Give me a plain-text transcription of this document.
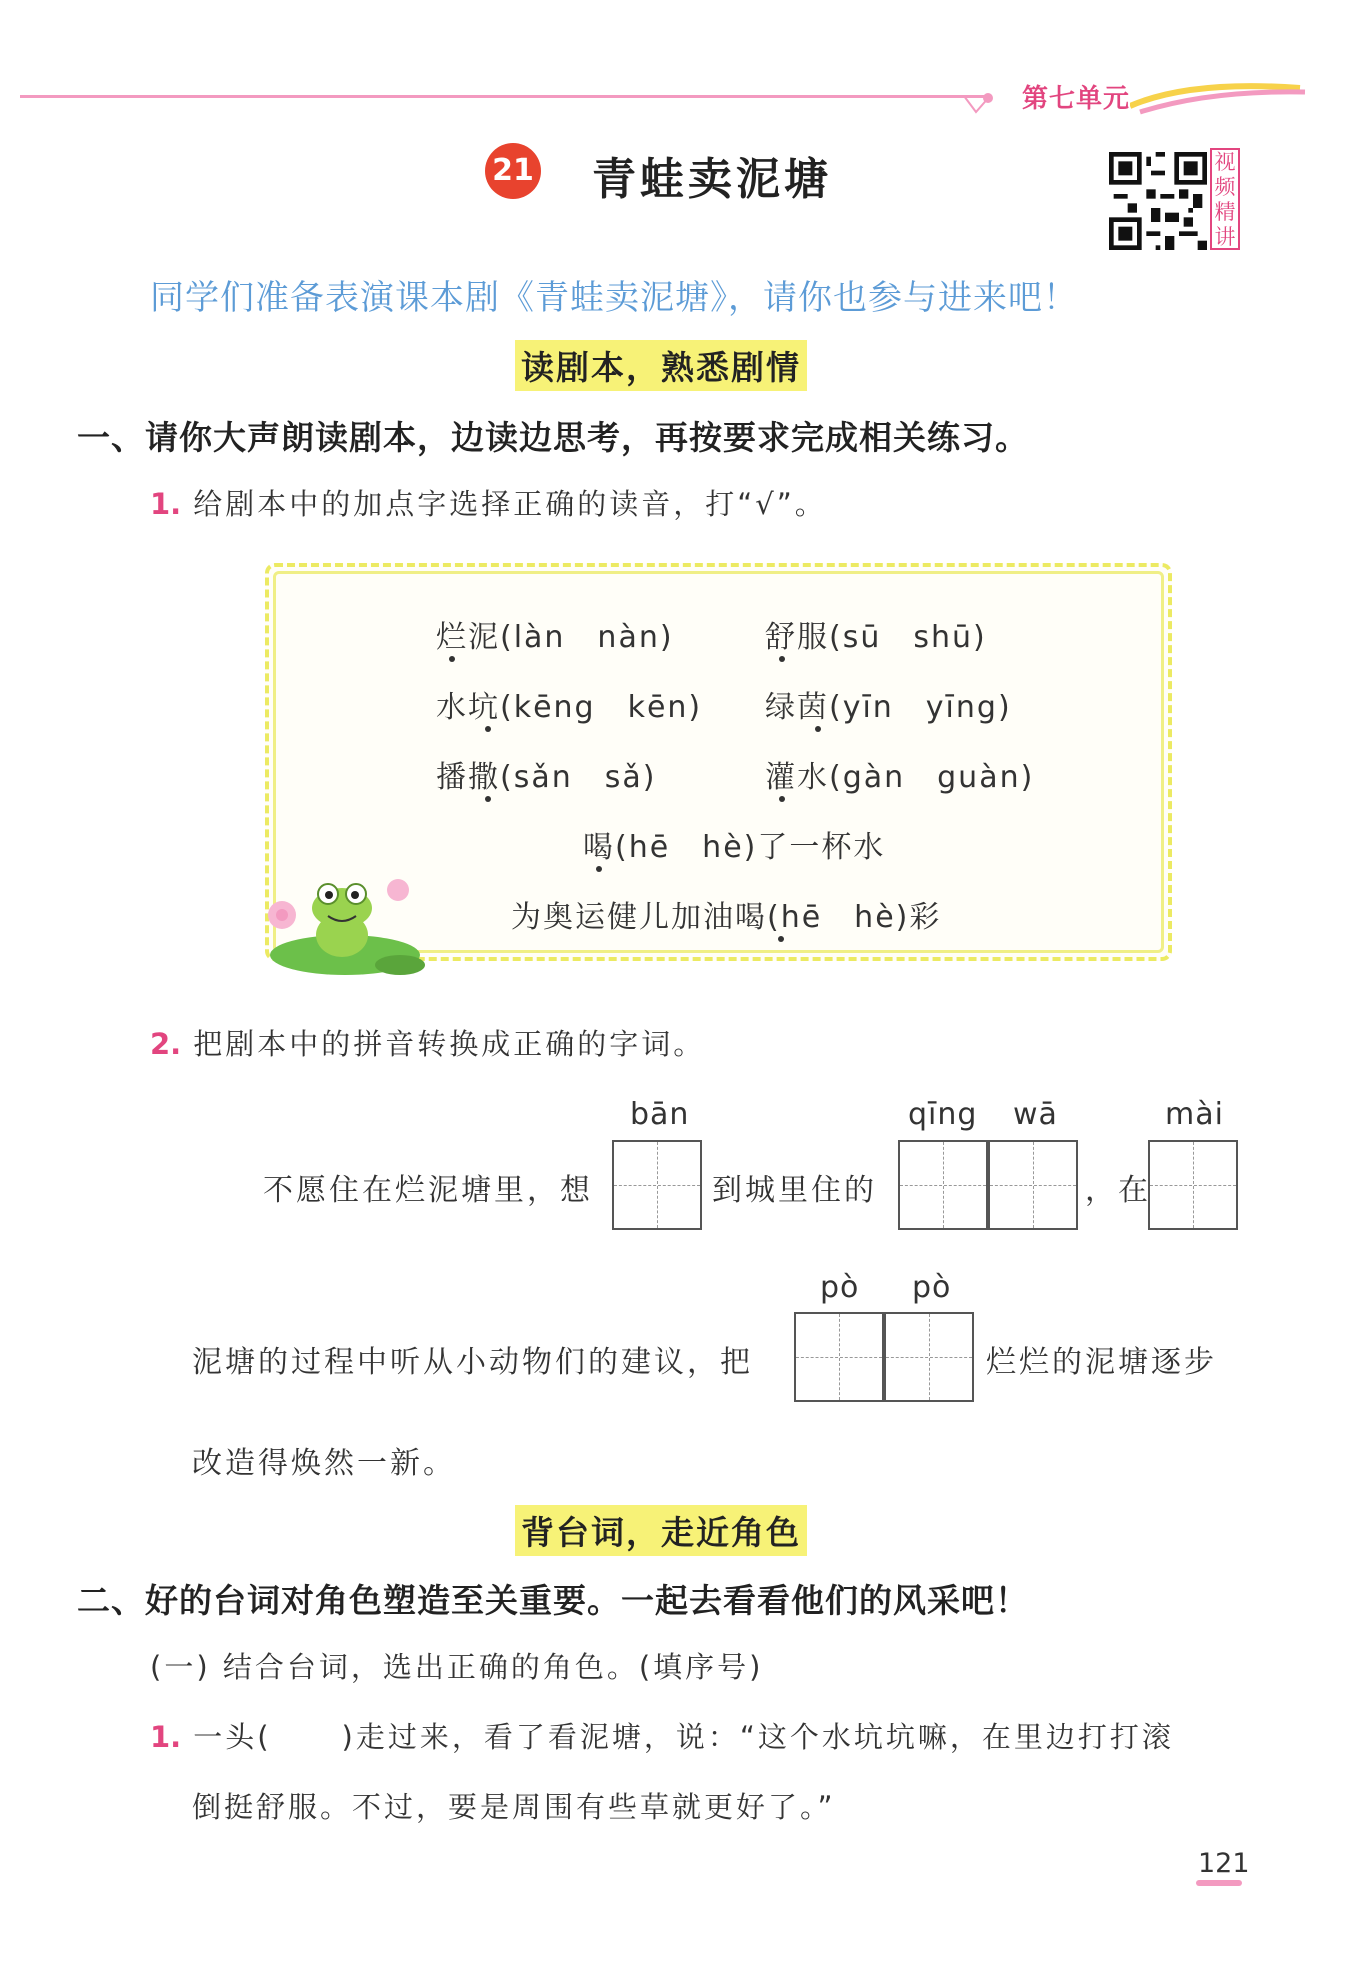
第七单元
21 青蛙卖泥塘	视频精讲
同学们准备表演课本剧《青蛙卖泥塘》，请你也参与进来吧！
读剧本，熟悉剧情
一、请你大声朗读剧本，边读边思考，再按要求完成相关练习。
1. 给剧本中的加点字选择正确的读音，打“√”。
烂泥(làn　nàn)	舒服(sū　shū)
水坑(kēng　kēn) 绿茵(yīn　yīng)
播撒(sǎn　sǎ)	灌水(gàn　guàn)
喝(hē　hè)了一杯水
为奥运健儿加油喝(hē　hè)彩
2. 把剧本中的拼音转换成正确的字词。
bān	qīng wā	mài
不愿住在烂泥塘里，想	到城里住的	，在
pò pò
泥塘的过程中听从小动物们的建议，把	烂烂的泥塘逐步
改造得焕然一新。
背台词，走近角色
二、好的台词对角色塑造至关重要。一起去看看他们的风采吧！
(一) 结合台词，选出正确的角色。(填序号)
1. 一头( )走过来，看了看泥塘，说：“这个水坑坑嘛，在里边打打滚
倒挺舒服。不过，要是周围有些草就更好了。”
121
